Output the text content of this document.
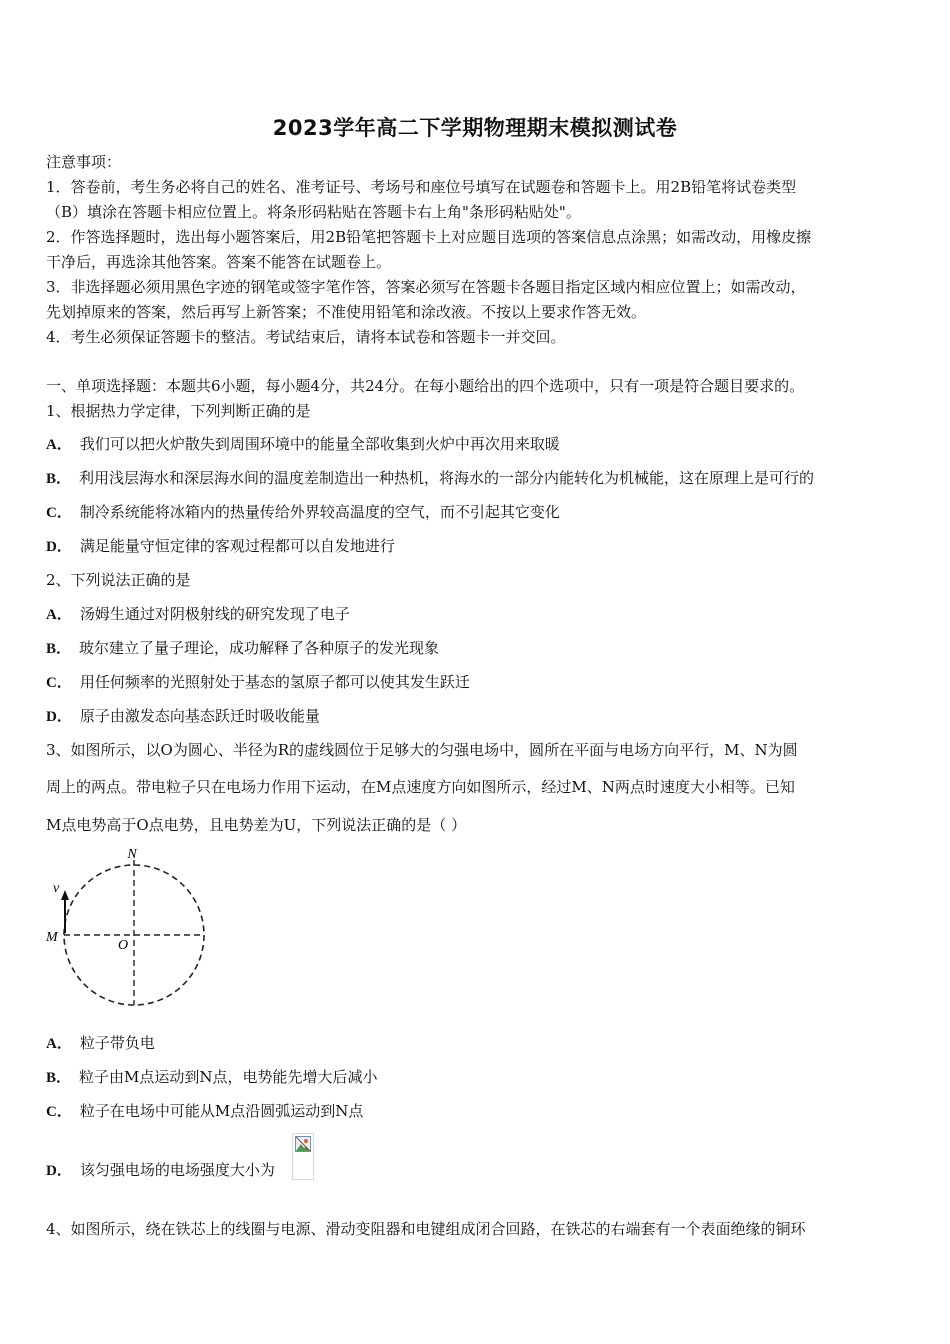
2023学年高二下学期物理期末模拟测试卷
注意事项：
1．答卷前，考生务必将自己的姓名、准考证号、考场号和座位号填写在试题卷和答题卡上。用2B铅笔将试卷类型
（B）填涂在答题卡相应位置上。将条形码粘贴在答题卡右上角"条形码粘贴处"。
2．作答选择题时，选出每小题答案后，用2B铅笔把答题卡上对应题目选项的答案信息点涂黑；如需改动，用橡皮擦
干净后，再选涂其他答案。答案不能答在试题卷上。
3．非选择题必须用黑色字迹的钢笔或签字笔作答，答案必须写在答题卡各题目指定区域内相应位置上；如需改动，
先划掉原来的答案，然后再写上新答案；不准使用铅笔和涂改液。不按以上要求作答无效。
4．考生必须保证答题卡的整洁。考试结束后，请将本试卷和答题卡一并交回。
一、单项选择题：本题共6小题，每小题4分，共24分。在每小题给出的四个选项中，只有一项是符合题目要求的。
1、根据热力学定律，下列判断正确的是
A． 我们可以把火炉散失到周围环境中的能量全部收集到火炉中再次用来取暖
B． 利用浅层海水和深层海水间的温度差制造出一种热机，将海水的一部分内能转化为机械能，这在原理上是可行的
C． 制冷系统能将冰箱内的热量传给外界较高温度的空气，而不引起其它变化
D． 满足能量守恒定律的客观过程都可以自发地进行
2、下列说法正确的是
A． 汤姆生通过对阴极射线的研究发现了电子
B． 玻尔建立了量子理论，成功解释了各种原子的发光现象
C． 用任何频率的光照射处于基态的氢原子都可以使其发生跃迁
D． 原子由激发态向基态跃迁时吸收能量
3、如图所示，以O为圆心、半径为R的虚线圆位于足够大的匀强电场中，圆所在平面与电场方向平行，M、N为圆
周上的两点。带电粒子只在电场力作用下运动，在M点速度方向如图所示，经过M、N两点时速度大小相等。已知
M点电势高于O点电势，且电势差为U，下列说法正确的是（ ）
N
v
M
O
A． 粒子带负电
B． 粒子由M点运动到N点，电势能先增大后减小
C． 粒子在电场中可能从M点沿圆弧运动到N点
D． 该匀强电场的电场强度大小为
4、如图所示，绕在铁芯上的线圈与电源、滑动变阻器和电键组成闭合回路，在铁芯的右端套有一个表面绝缘的铜环
